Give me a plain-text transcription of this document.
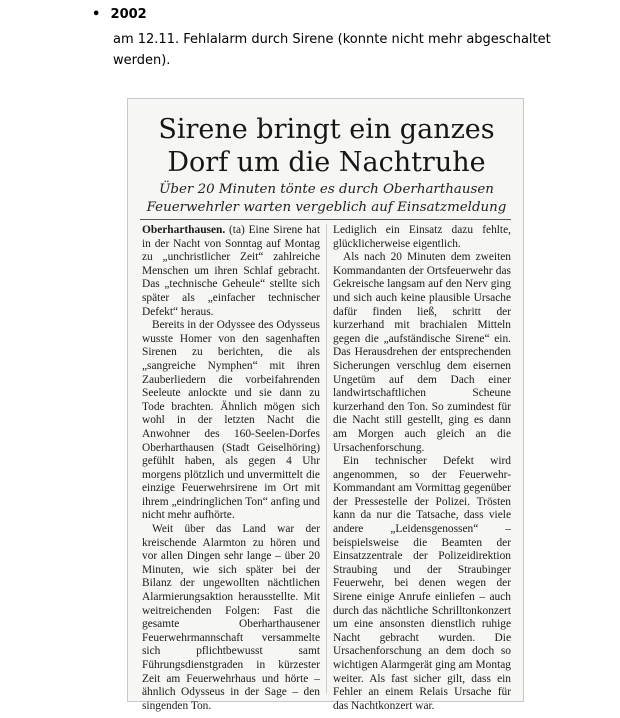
• 2002
am 12.11. Fehlalarm durch Sirene (konnte nicht mehr abgeschaltet werden).
Sirene bringt ein ganzes
Dorf um die Nachtruhe
Über 20 Minuten tönte es durch Oberharthausen
Feuerwehrler warten vergeblich auf Einsatzmeldung

Oberharthausen. (ta) Eine Sirene hat in der Nacht von Sonntag auf Montag zu „unchristlicher Zeit“ zahlreiche Menschen um ihren Schlaf gebracht. Das „technische Geheule“ stellte sich später als „einfacher technischer Defekt“ heraus.

Bereits in der Odyssee des Odysseus wusste Homer von den sagenhaften Sirenen zu berichten, die als „sangreiche Nymphen“ mit ihren Zauberliedern die vorbeifahrenden Seeleute anlockte und sie dann zu Tode brachten. Ähnlich mögen sich wohl in der letzten Nacht die Anwohner des 160-Seelen-Dorfes Oberharthausen (Stadt Geiselhöring) gefühlt haben, als gegen 4 Uhr morgens plötzlich und unvermittelt die einzige Feuerwehrsirene im Ort mit ihrem „eindringlichen Ton“ anfing und nicht mehr aufhörte.

Weit über das Land war der kreischende Alarmton zu hören und vor allen Dingen sehr lange – über 20 Minuten, wie sich später bei der Bilanz der ungewollten nächtlichen Alarmierungsaktion herausstellte. Mit weitreichenden Folgen: Fast die gesamte Oberharthausener Feuerwehrmannschaft versammelte sich pflichtbewusst samt Führungsdienstgraden in kürzester Zeit am Feuerwehrhaus und hörte – ähnlich Odysseus in der Sage – den singenden Ton.

Lediglich ein Einsatz dazu fehlte, glücklicherweise eigentlich.

Als nach 20 Minuten dem zweiten Kommandanten der Ortsfeuerwehr das Gekreische langsam auf den Nerv ging und sich auch keine plausible Ursache dafür finden ließ, schritt der kurzerhand mit brachialen Mitteln gegen die „aufständische Sirene“ ein. Das Herausdrehen der entsprechenden Sicherungen verschlug dem eisernen Ungetüm auf dem Dach einer landwirtschaftlichen Scheune kurzerhand den Ton. So zumindest für die Nacht still gestellt, ging es dann am Morgen auch gleich an die Ursachenforschung.

Ein technischer Defekt wird angenommen, so der Feuerwehr-Kommandant am Vormittag gegenüber der Pressestelle der Polizei. Trösten kann da nur die Tatsache, dass viele andere „Leidensgenossen“ – beispielsweise die Beamten der Einsatzzentrale der Polizeidirektion Straubing und der Straubinger Feuerwehr, bei denen wegen der Sirene einige Anrufe einliefen – auch durch das nächtliche Schrilltonkonzert um eine ansonsten dienstlich ruhige Nacht gebracht wurden. Die Ursachenforschung an dem doch so wichtigen Alarmgerät ging am Montag weiter. Als fast sicher gilt, dass ein Fehler an einem Relais Ursache für das Nachtkonzert war.
